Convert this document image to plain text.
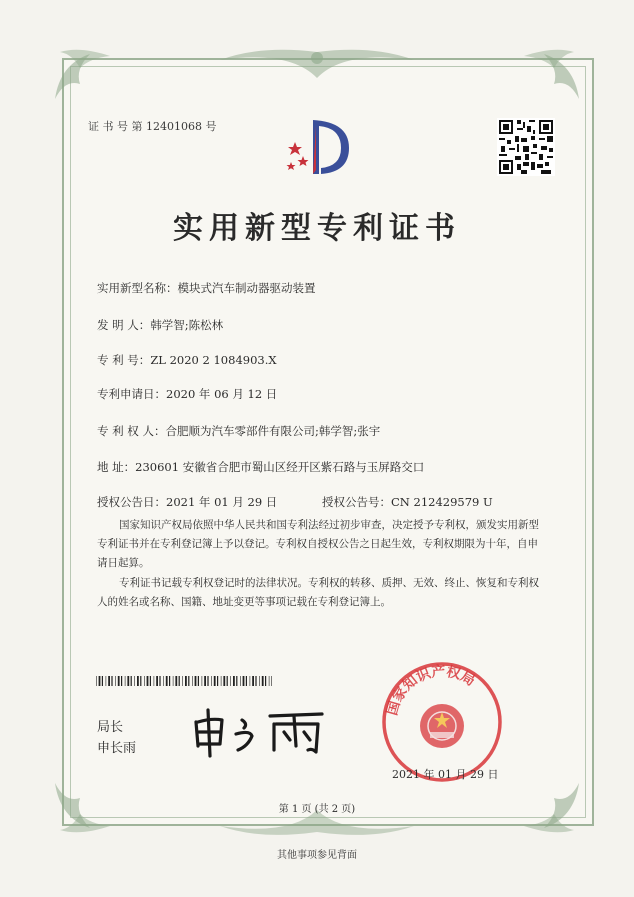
证 书 号 第 12401068 号
实用新型专利证书
实用新型名称：模块式汽车制动器驱动装置
发 明 人：韩学智;陈松林
专 利 号：ZL 2020 2 1084903.X
专利申请日：2020 年 06 月 12 日
专 利 权 人：合肥顺为汽车零部件有限公司;韩学智;张宇
地 址：230601 安徽省合肥市蜀山区经开区紫石路与玉屏路交口
授权公告日：2021 年 01 月 29 日	授权公告号：CN 212429579 U
国家知识产权局依照中华人民共和国专利法经过初步审查，决定授予专利权，颁发实用新型专利证书并在专利登记簿上予以登记。专利权自授权公告之日起生效，专利权期限为十年，自申请日起算。
专利证书记载专利权登记时的法律状况。专利权的转移、质押、无效、终止、恢复和专利权人的姓名或名称、国籍、地址变更等事项记载在专利登记簿上。
局长
申长雨
国家知识产权局
2021 年 01 月 29 日
第 1 页 (共 2 页)
其他事项参见背面
